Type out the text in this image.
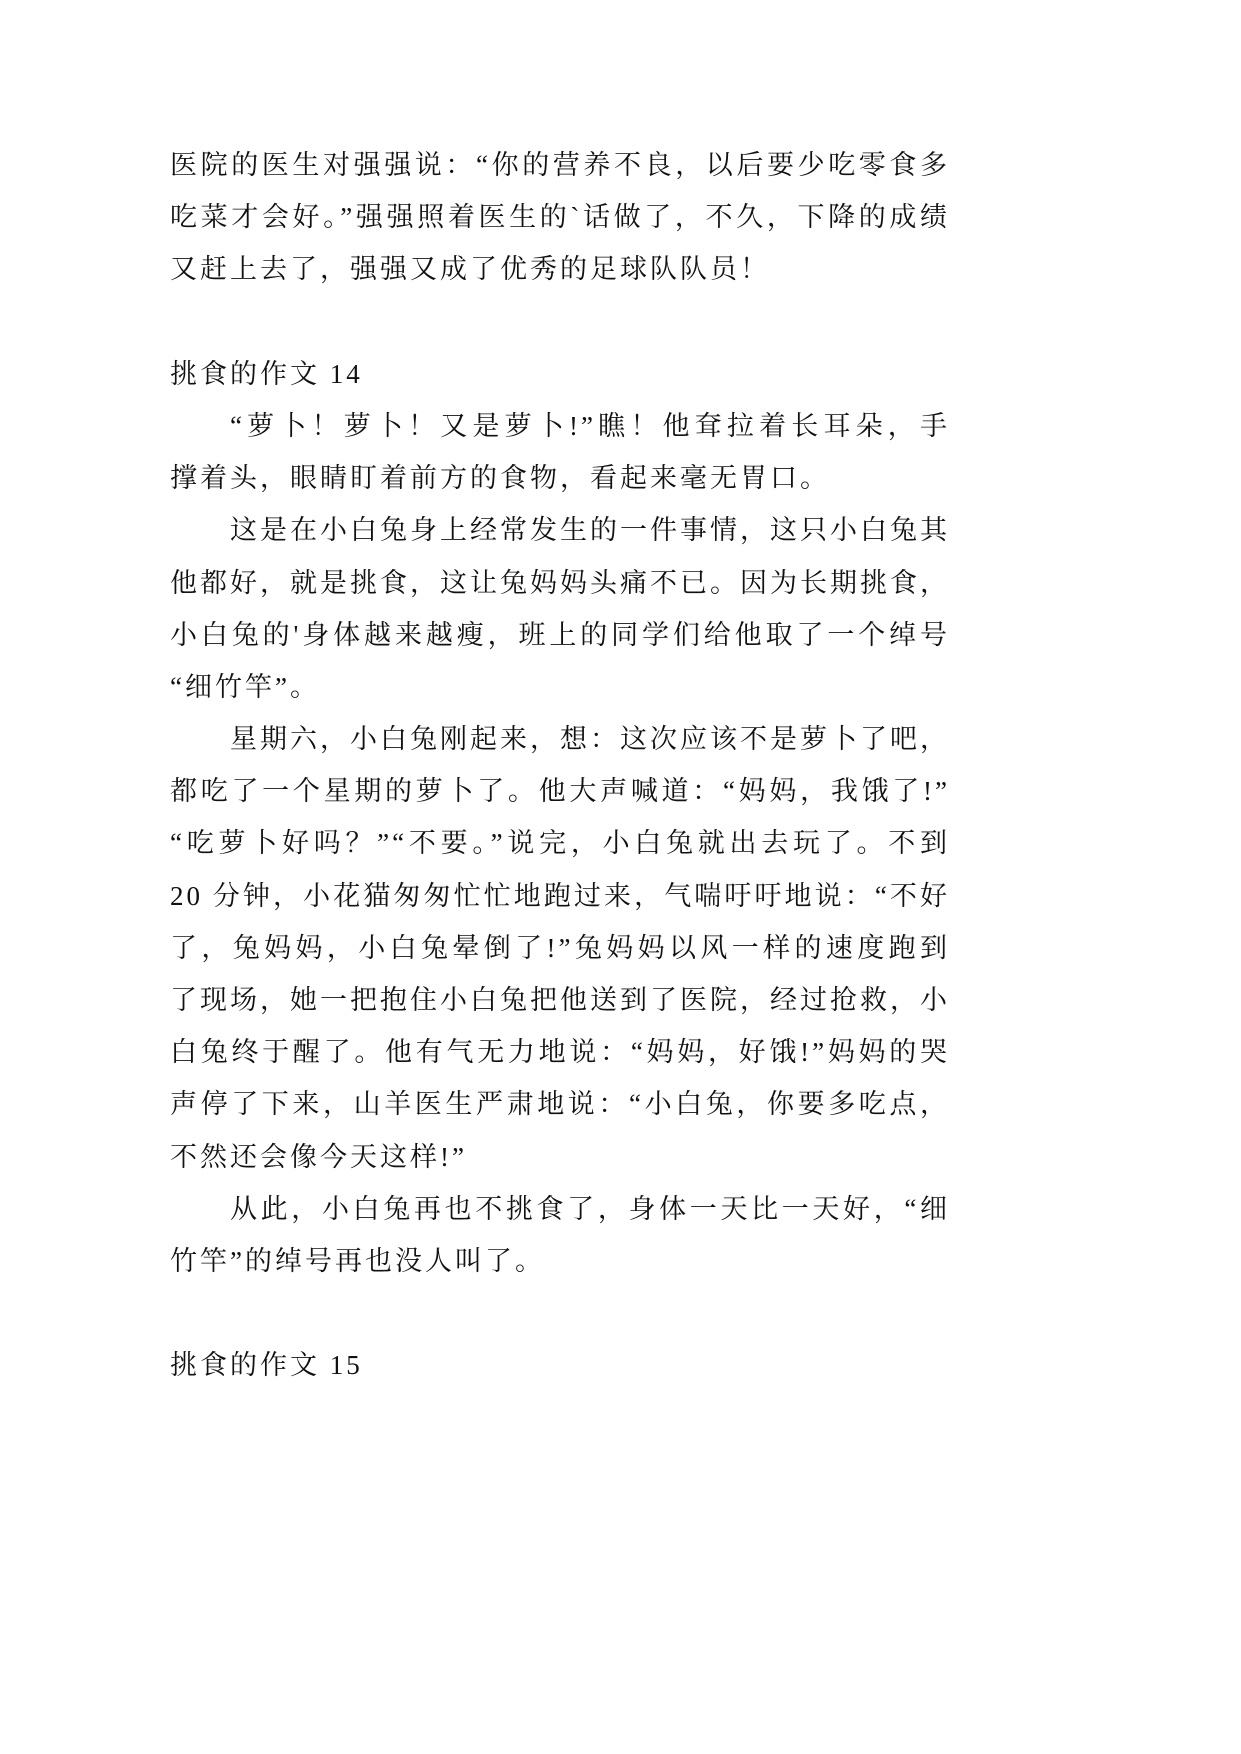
医院的医生对强强说：“你的营养不良，以后要少吃零食多
吃菜才会好。”强强照着医生的`话做了，不久，下降的成绩
又赶上去了，强强又成了优秀的足球队队员！
挑食的作文 14
“萝卜！萝卜！又是萝卜!”瞧！他耷拉着长耳朵，手
撑着头，眼睛盯着前方的食物，看起来毫无胃口。
这是在小白兔身上经常发生的一件事情，这只小白兔其
他都好，就是挑食，这让兔妈妈头痛不已。因为长期挑食，
小白兔的'身体越来越瘦，班上的同学们给他取了一个绰号
“细竹竿”。
星期六，小白兔刚起来，想：这次应该不是萝卜了吧，
都吃了一个星期的萝卜了。他大声喊道：“妈妈，我饿了!”
“吃萝卜好吗？”“不要。”说完，小白兔就出去玩了。不到
20 分钟，小花猫匆匆忙忙地跑过来，气喘吁吁地说：“不好
了，兔妈妈，小白兔晕倒了!”兔妈妈以风一样的速度跑到
了现场，她一把抱住小白兔把他送到了医院，经过抢救，小
白兔终于醒了。他有气无力地说：“妈妈，好饿!”妈妈的哭
声停了下来，山羊医生严肃地说：“小白兔，你要多吃点，
不然还会像今天这样!”
从此，小白兔再也不挑食了，身体一天比一天好，“细
竹竿”的绰号再也没人叫了。
挑食的作文 15
